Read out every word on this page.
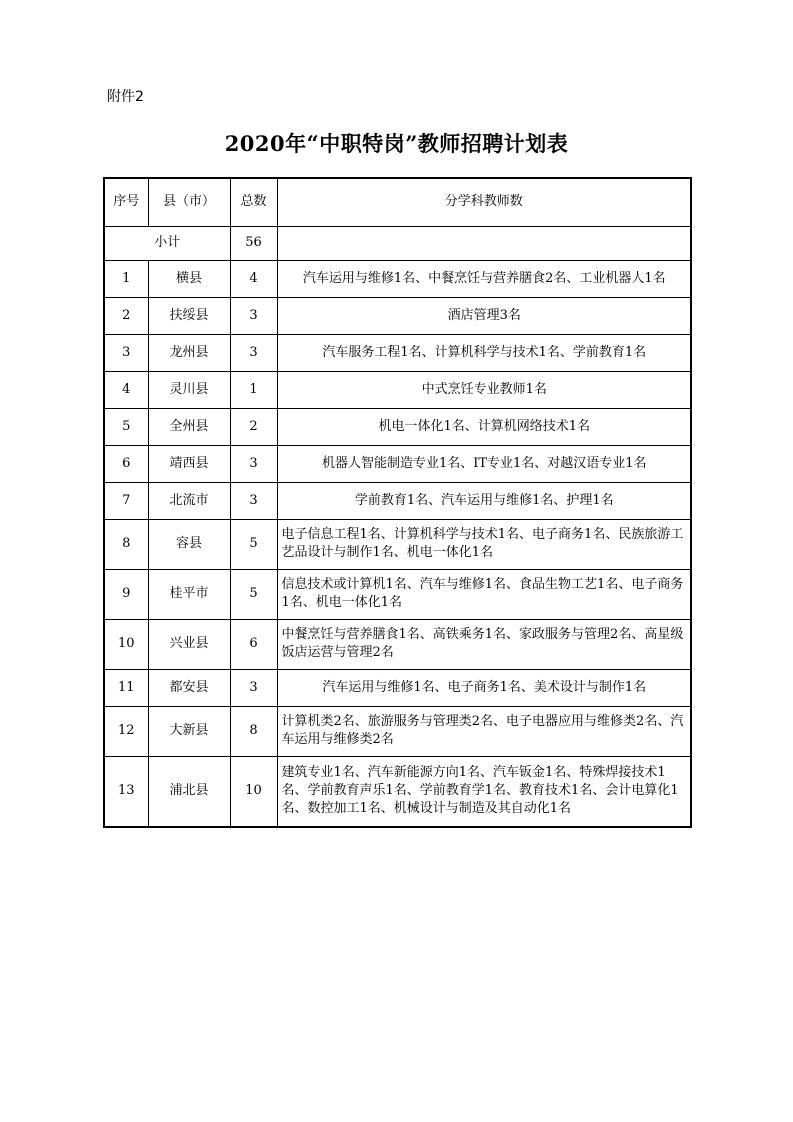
附件2
2020年“中职特岗”教师招聘计划表
序号	县（市）	总数	分学科教师数
小计		56	
1	横县	4	汽车运用与维修1名、中餐烹饪与营养膳食2名、工业机器人1名
2	扶绥县	3	酒店管理3名
3	龙州县	3	汽车服务工程1名、计算机科学与技术1名、学前教育1名
4	灵川县	1	中式烹饪专业教师1名
5	全州县	2	机电一体化1名、计算机网络技术1名
6	靖西县	3	机器人智能制造专业1名、IT专业1名、对越汉语专业1名
7	北流市	3	学前教育1名、汽车运用与维修1名、护理1名
8	容县	5	电子信息工程1名、计算机科学与技术1名、电子商务1名、民族旅游工艺品设计与制作1名、机电一体化1名
9	桂平市	5	信息技术或计算机1名、汽车与维修1名、食品生物工艺1名、电子商务1名、机电一体化1名
10	兴业县	6	中餐烹饪与营养膳食1名、高铁乘务1名、家政服务与管理2名、高星级饭店运营与管理2名
11	都安县	3	汽车运用与维修1名、电子商务1名、美术设计与制作1名
12	大新县	8	计算机类2名、旅游服务与管理类2名、电子电器应用与维修类2名、汽车运用与维修类2名
13	浦北县	10	建筑专业1名、汽车新能源方向1名、汽车钣金1名、特殊焊接技术1名、学前教育声乐1名、学前教育学1名、教育技术1名、会计电算化1名、数控加工1名、机械设计与制造及其自动化1名
